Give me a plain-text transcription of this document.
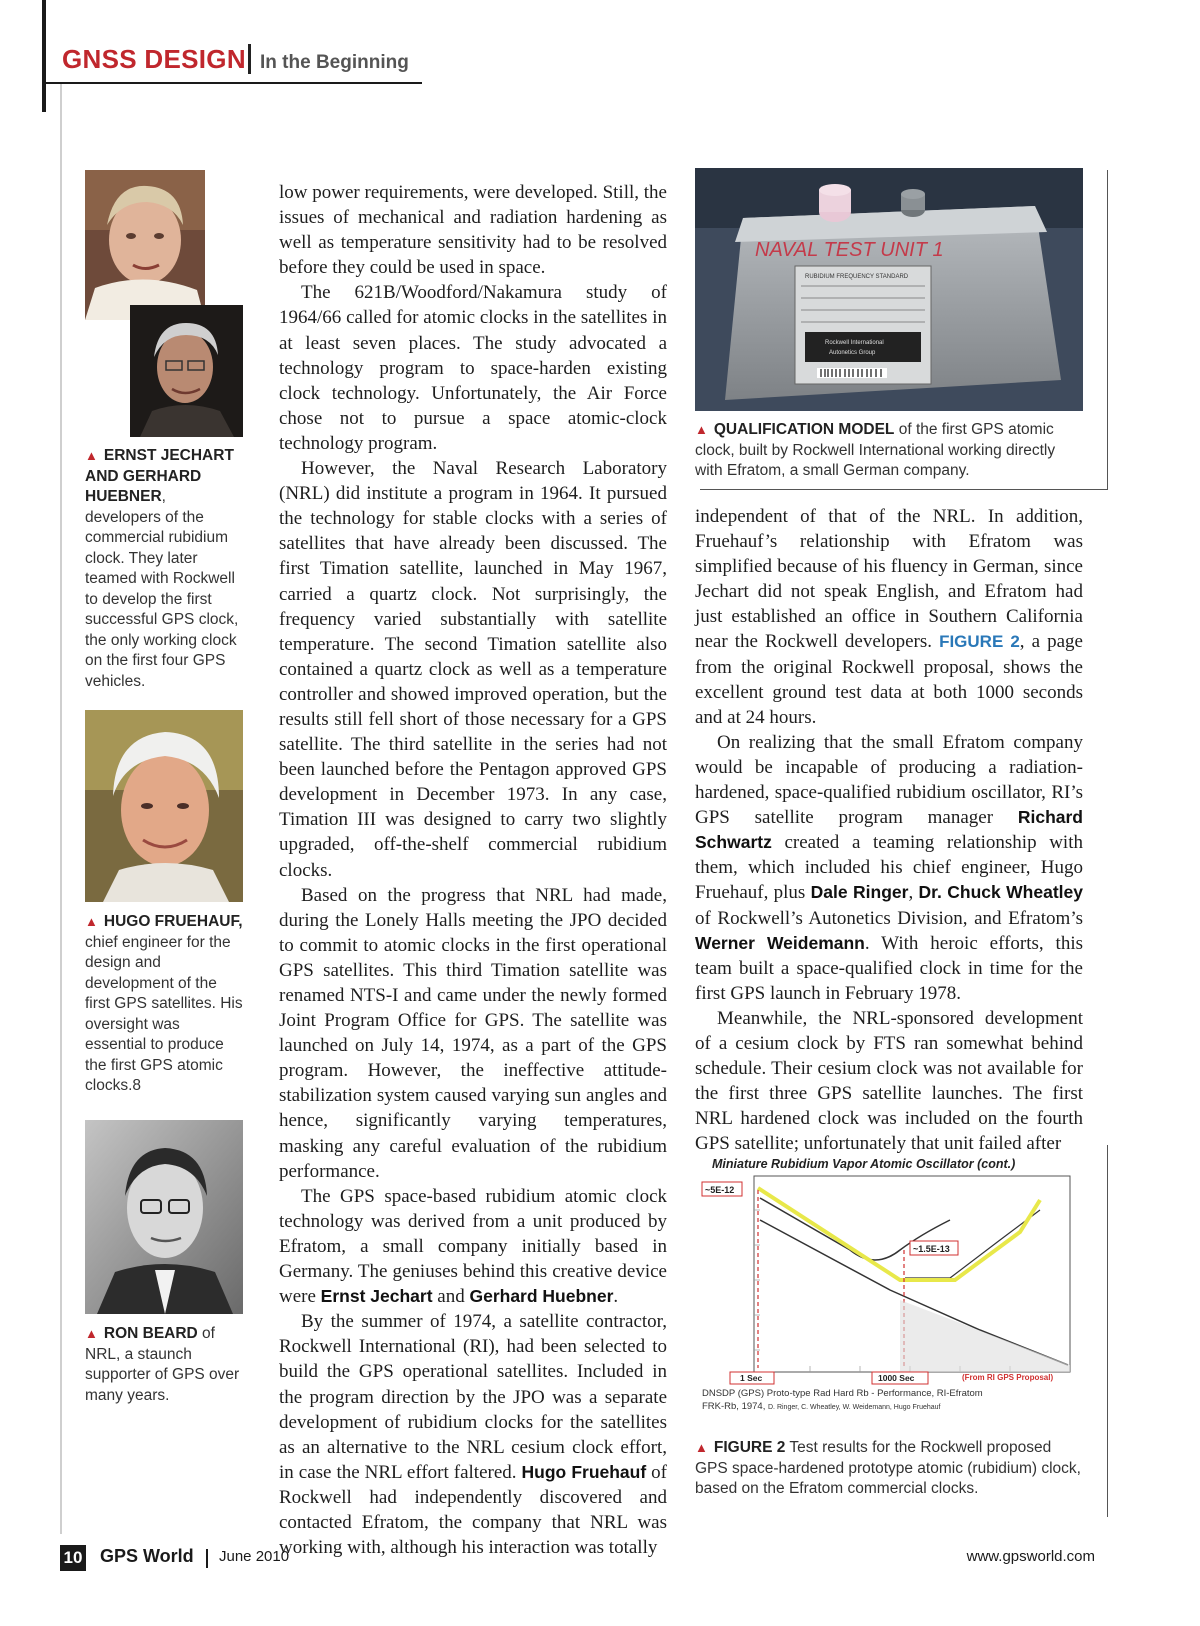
GNSS DESIGN In the Beginning
▲ ERNST JECHART AND GERHARD HUEBNER, developers of the commercial rubidium clock. They later teamed with Rockwell to develop the first successful GPS clock, the only working clock on the first four GPS vehicles.
▲ HUGO FRUEHAUF, chief engineer for the design and development of the first GPS satellites. His oversight was essential to produce the first GPS atomic clocks.8
▲ RON BEARD of NRL, a staunch supporter of GPS over many years.

low power requirements, were developed. Still, the issues of mechanical and radiation hardening as well as temperature sensitivity had to be resolved before they could be used in space.

The 621B/Woodford/Nakamura study of 1964/66 called for atomic clocks in the satellites in at least seven places. The study advocated a technology program to space-harden existing clock technology. Unfortunately, the Air Force chose not to pursue a space atomic-clock technology program.

However, the Naval Research Laboratory (NRL) did institute a program in 1964. It pursued the technology for stable clocks with a series of satellites that have already been discussed. The first Timation satellite, launched in May 1967, carried a quartz clock. Not surprisingly, the frequency varied substantially with satellite temperature. The second Timation satellite also contained a quartz clock as well as a temperature controller and showed improved operation, but the results still fell short of those necessary for a GPS satellite. The third satellite in the series had not been launched before the Pentagon approved GPS development in December 1973. In any case, Timation III was designed to carry two slightly upgraded, off-the-shelf commercial rubidium clocks.

Based on the progress that NRL had made, during the Lonely Halls meeting the JPO decided to commit to atomic clocks in the first operational GPS satellites. This third Timation satellite was renamed NTS-I and came under the newly formed Joint Program Office for GPS. The satellite was launched on July 14, 1974, as a part of the GPS program. However, the ineffective attitude-stabilization system caused varying sun angles and hence, significantly varying temperatures, masking any careful evaluation of the rubidium performance.

The GPS space-based rubidium atomic clock technology was derived from a unit produced by Efratom, a small company initially based in Germany. The geniuses behind this creative device were Ernst Jechart and Gerhard Huebner.

By the summer of 1974, a satellite contractor, Rockwell International (RI), had been selected to build the GPS operational satellites. Included in the program direction by the JPO was a separate development of rubidium clocks for the satellites as an alternative to the NRL cesium clock effort, in case the NRL effort faltered. Hugo Fruehauf of Rockwell had independently discovered and contacted Efratom, the company that NRL was working with, although his interaction was totally

NAVAL TEST UNIT 1
RUBIDIUM FREQUENCY STANDARD
Rockwell International
Autonetics Group
▲ QUALIFICATION MODEL of the first GPS atomic clock, built by Rockwell International working directly with Efratom, a small German company.

independent of that of the NRL. In addition, Fruehauf’s relationship with Efratom was simplified because of his fluency in German, since Jechart did not speak English, and Efratom had just established an office in Southern California near the Rockwell developers. FIGURE 2, a page from the original Rockwell proposal, shows the excellent ground test data at both 1000 seconds and at 24 hours.

On realizing that the small Efratom company would be incapable of producing a radiation-hardened, space-qualified rubidium oscillator, RI’s GPS satellite program manager Richard Schwartz created a teaming relationship with them, which included his chief engineer, Hugo Fruehauf, plus Dale Ringer, Dr. Chuck Wheatley of Rockwell’s Autonetics Division, and Efratom’s Werner Weidemann. With heroic efforts, this team built a space-qualified clock in time for the first GPS launch in February 1978.

Meanwhile, the NRL-sponsored development of a cesium clock by FTS ran somewhat behind schedule. Their cesium clock was not available for the first three GPS satellite launches. The first NRL hardened clock was included on the fourth GPS satellite; unfortunately that unit failed after

Miniature Rubidium Vapor Atomic Oscillator (cont.)
~5E-12
~1.5E-13
1 Sec	1000 Sec	(From RI GPS Proposal)
DNSDP (GPS) Proto-type Rad Hard Rb - Performance, RI-Efratom
FRK-Rb, 1974, D. Ringer, C. Wheatley, W. Weidemann, Hugo Fruehauf
▲ FIGURE 2 Test results for the Rockwell proposed GPS space-hardened prototype atomic (rubidium) clock, based on the Efratom commercial clocks.
10 GPS World June 2010	www.gpsworld.com
